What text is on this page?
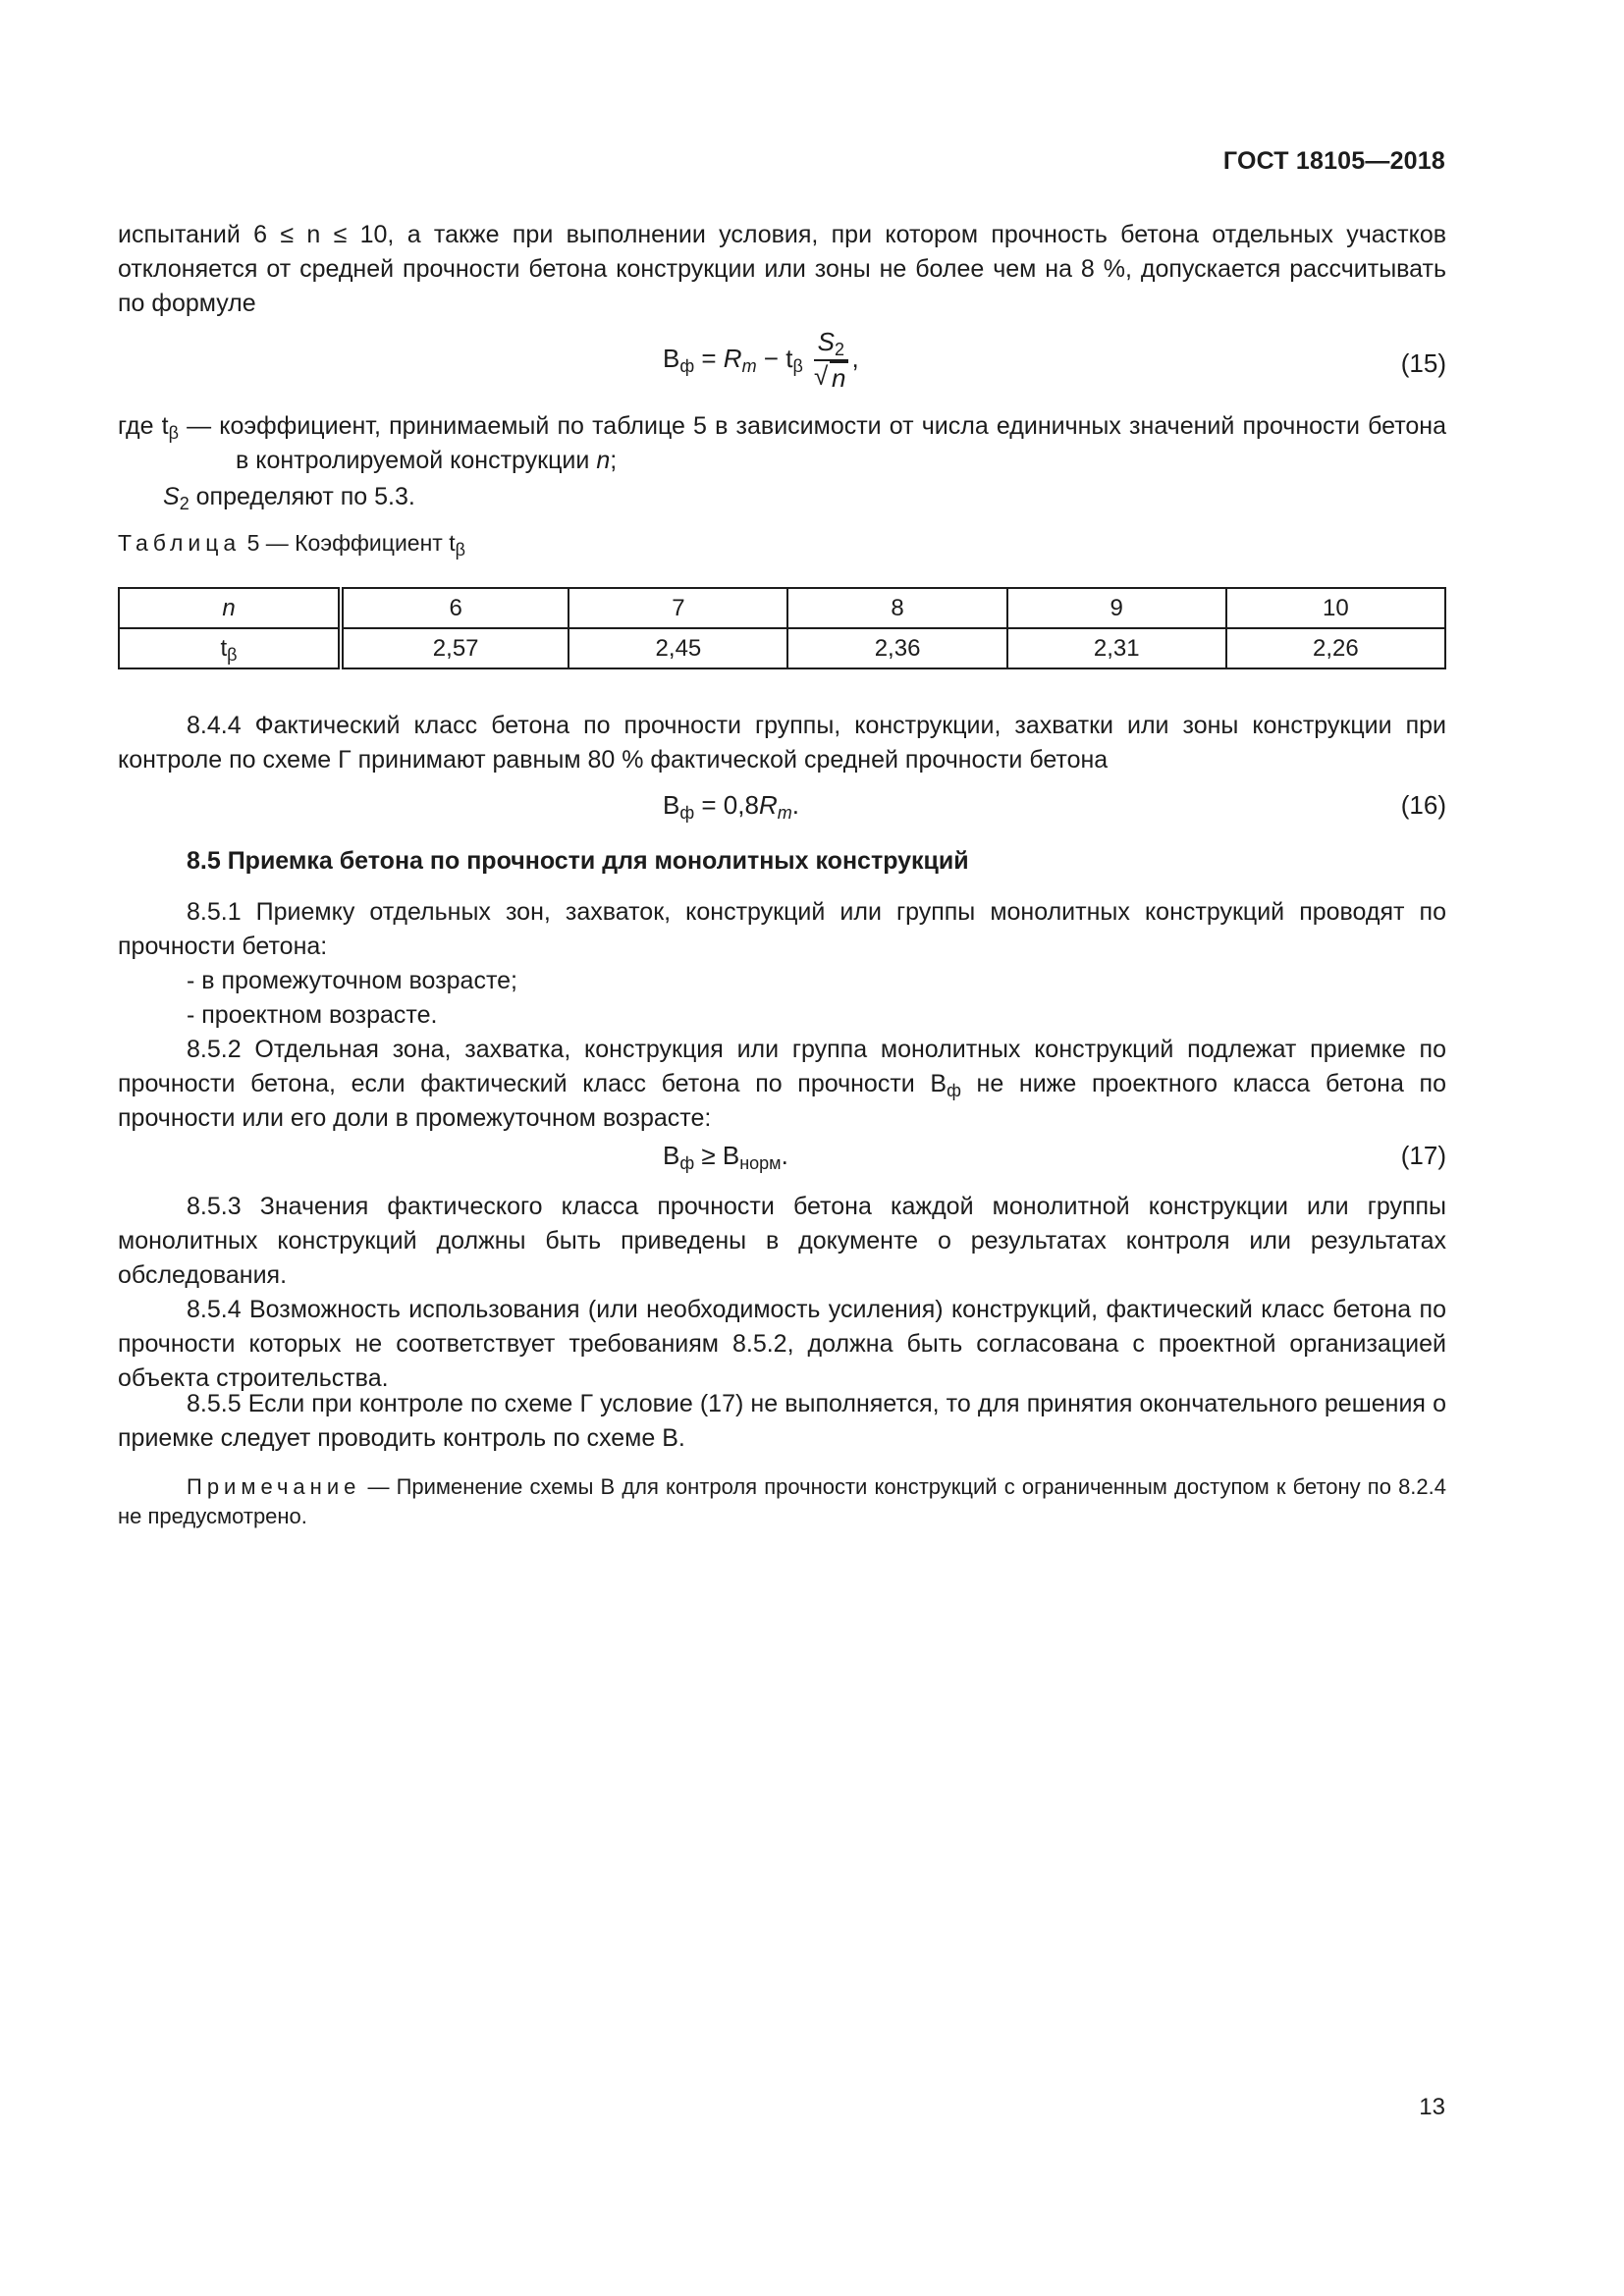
ГОСТ 18105—2018

испытаний 6 ≤ n ≤ 10, а также при выполнении условия, при котором прочность бетона отдельных участков отклоняется от средней прочности бетона конструкции или зоны не более чем на 8 %, допускается рассчитывать по формуле

$В_ф = R_m - t_\beta \frac{S_2}{√ n}$ ,	(15)
где $t_\beta$ — коэффициент, принимаемый по таблице 5 в зависимости от числа единичных значений прочности бетона в контролируемой конструкции n;
$S_2$ определяют по 5.3.
Таблица 5 — Коэффициент $t_\beta$
n	6	7	8	9	10
$t_\beta$	2,57	2,45	2,36	2,31	2,26

8.4.4 Фактический класс бетона по прочности группы, конструкции, захватки или зоны конструкции при контроле по схеме Г принимают равным 80 % фактической средней прочности бетона

$В_ф = 0,8R_m$.	(16)
8.5 Приемка бетона по прочности для монолитных конструкций

8.5.1 Приемку отдельных зон, захваток, конструкций или группы монолитных конструкций проводят по прочности бетона:

- в промежуточном возрасте;

- проектном возрасте.

8.5.2 Отдельная зона, захватка, конструкция или группа монолитных конструкций подлежат приемке по прочности бетона, если фактический класс бетона по прочности $В_ф$ не ниже проектного класса бетона по прочности или его доли в промежуточном возрасте:

$В_ф \ge В_{норм}$.	(17)

8.5.3 Значения фактического класса прочности бетона каждой монолитной конструкции или группы монолитных конструкций должны быть приведены в документе о результатах контроля или результатах обследования.

8.5.4 Возможность использования (или необходимость усиления) конструкций, фактический класс бетона по прочности которых не соответствует требованиям 8.5.2, должна быть согласована с проектной организацией объекта строительства.

8.5.5 Если при контроле по схеме Г условие (17) не выполняется, то для принятия окончательного решения о приемке следует проводить контроль по схеме В.

Примечание — Применение схемы В для контроля прочности конструкций с ограниченным доступом к бетону по 8.2.4 не предусмотрено.

13
